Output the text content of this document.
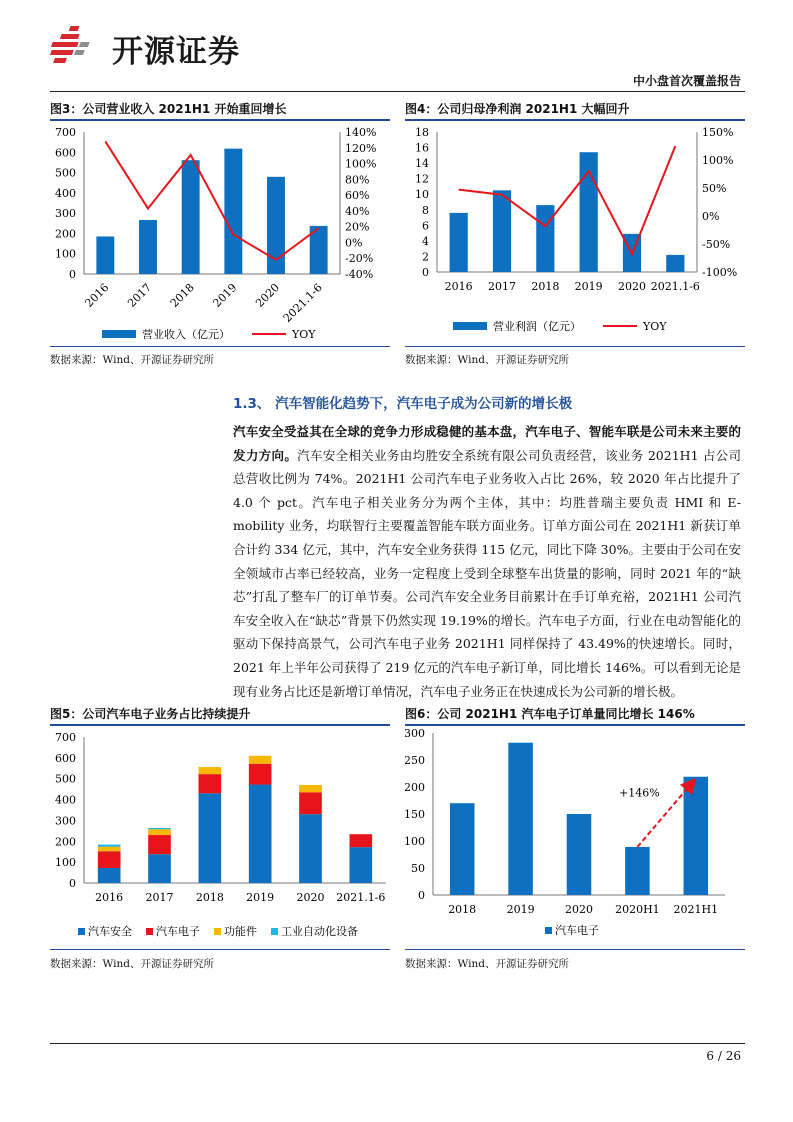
开源证券
中小盘首次覆盖报告
图3：公司营业收入 2021H1 开始重回增长
0
100
200
300
400
500
600
700
-40%
-20%
0%
20%
40%
60%
80%
100%
120%
140%
2016 2017 2018 2019 2020
2021.1-6
营业收入（亿元）	YOY
数据来源：Wind、开源证券研究所
图4：公司归母净利润 2021H1 大幅回升
0
2
4
6
8
10
12
14
16
18
-100%
-50%
0%
50%
100%
150%
2016 2017 2018 2019 2020 2021.1-6
营业利润（亿元）	YOY
数据来源：Wind、开源证券研究所
1.3、 汽车智能化趋势下，汽车电子成为公司新的增长极
汽车安全受益其在全球的竞争力形成稳健的基本盘，汽车电子、智能车联是公司未来主要的发力方向。汽车安全相关业务由均胜安全系统有限公司负责经营，该业务 2021H1 占公司总营收比例为 74%。2021H1 公司汽车电子业务收入占比 26%，较 2020 年占比提升了 4.0 个 pct。汽车电子相关业务分为两个主体，其中：均胜普瑞主要负责 HMI 和 E-mobility 业务，均联智行主要覆盖智能车联方面业务。订单方面公司在 2021H1 新获订单合计约 334 亿元，其中，汽车安全业务获得 115 亿元，同比下降 30%。主要由于公司在安全领域市占率已经较高，业务一定程度上受到全球整车出货量的影响，同时 2021 年的“缺芯”打乱了整车厂的订单节奏。公司汽车安全业务目前累计在手订单充裕，2021H1 公司汽车安全收入在“缺芯”背景下仍然实现 19.19%的增长。汽车电子方面，行业在电动智能化的驱动下保持高景气，公司汽车电子业务 2021H1 同样保持了 43.49%的快速增长。同时，2021 年上半年公司获得了 219 亿元的汽车电子新订单，同比增长 146%。可以看到无论是现有业务占比还是新增订单情况，汽车电子业务正在快速成长为公司新的增长极。
图5：公司汽车电子业务占比持续提升
0
100
200
300
400
500
600
700
2016 2017 2018 2019 2020 2021.1-6
汽车安全 汽车电子 功能件 工业自动化设备
数据来源：Wind、开源证券研究所
图6：公司 2021H1 汽车电子订单量同比增长 146%
0
50
100
150
200
250
300
2018	2019	2020 2020H1 2021H1
+146%
汽车电子
数据来源：Wind、开源证券研究所
6 / 26
